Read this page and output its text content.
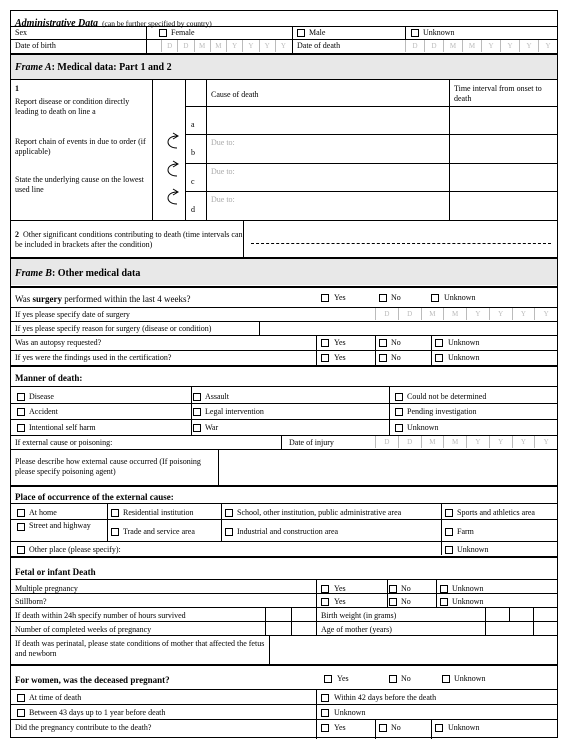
Administrative Data (can be further specified by country)
Sex	Female	Male	Unknown
Date of birth	D	D	M	M	Y	Y	Y	Y	Date of death	D	D	M	M	Y	Y	Y	Y
Frame A: Medical data: Part 1 and 2
1
Report disease or condition directly leading to death on line a
Report chain of events in due to order (if applicable)
State the underlying cause on the lowest used line
Cause of death
Time interval from onset to death
a
b
Due to:
c
Due to:
d
Due to:
2 Other significant conditions contributing to death (time intervals can be included in brackets after the condition)
Frame B: Other medical data
Was surgery performed within the last 4 weeks?	Yes	No	Unknown
If yes please specify date of surgery	D	D	M	M	Y	Y	Y	Y
If yes please specify reason for surgery (disease or condition)
Was an autopsy requested?	Yes	No	Unknown
If yes were the findings used in the certification?	Yes	No	Unknown
Manner of death:
Disease	Assault	Could not be determined
Accident	Legal intervention	Pending investigation
Intentional self harm	War	Unknown
If external cause or poisoning:	Date of injury	D	D	M	M	Y	Y	Y	Y
Please describe how external cause occurred (If poisoning please specify poisoning agent)
Place of occurrence of the external cause:
At home	Residential institution	School, other institution, public administrative area	Sports and athletics area
Street and highway
Trade and service area	Industrial and construction area	Farm
Other place (please specify):	Unknown
Fetal or infant Death
Multiple pregnancy	Yes	No	Unknown
Stillborn?	Yes	No	Unknown
If death within 24h specify number of hours survived	Birth weight (in grams)
Number of completed weeks of pregnancy	Age of mother (years)
If death was perinatal, please state conditions of mother that affected the fetus and newborn
For women, was the deceased pregnant?	Yes	No	Unknown
At time of death	Within 42 days before the death
Between 43 days up to 1 year before death	Unknown
Did the pregnancy contribute to the death?	Yes	No	Unknown
